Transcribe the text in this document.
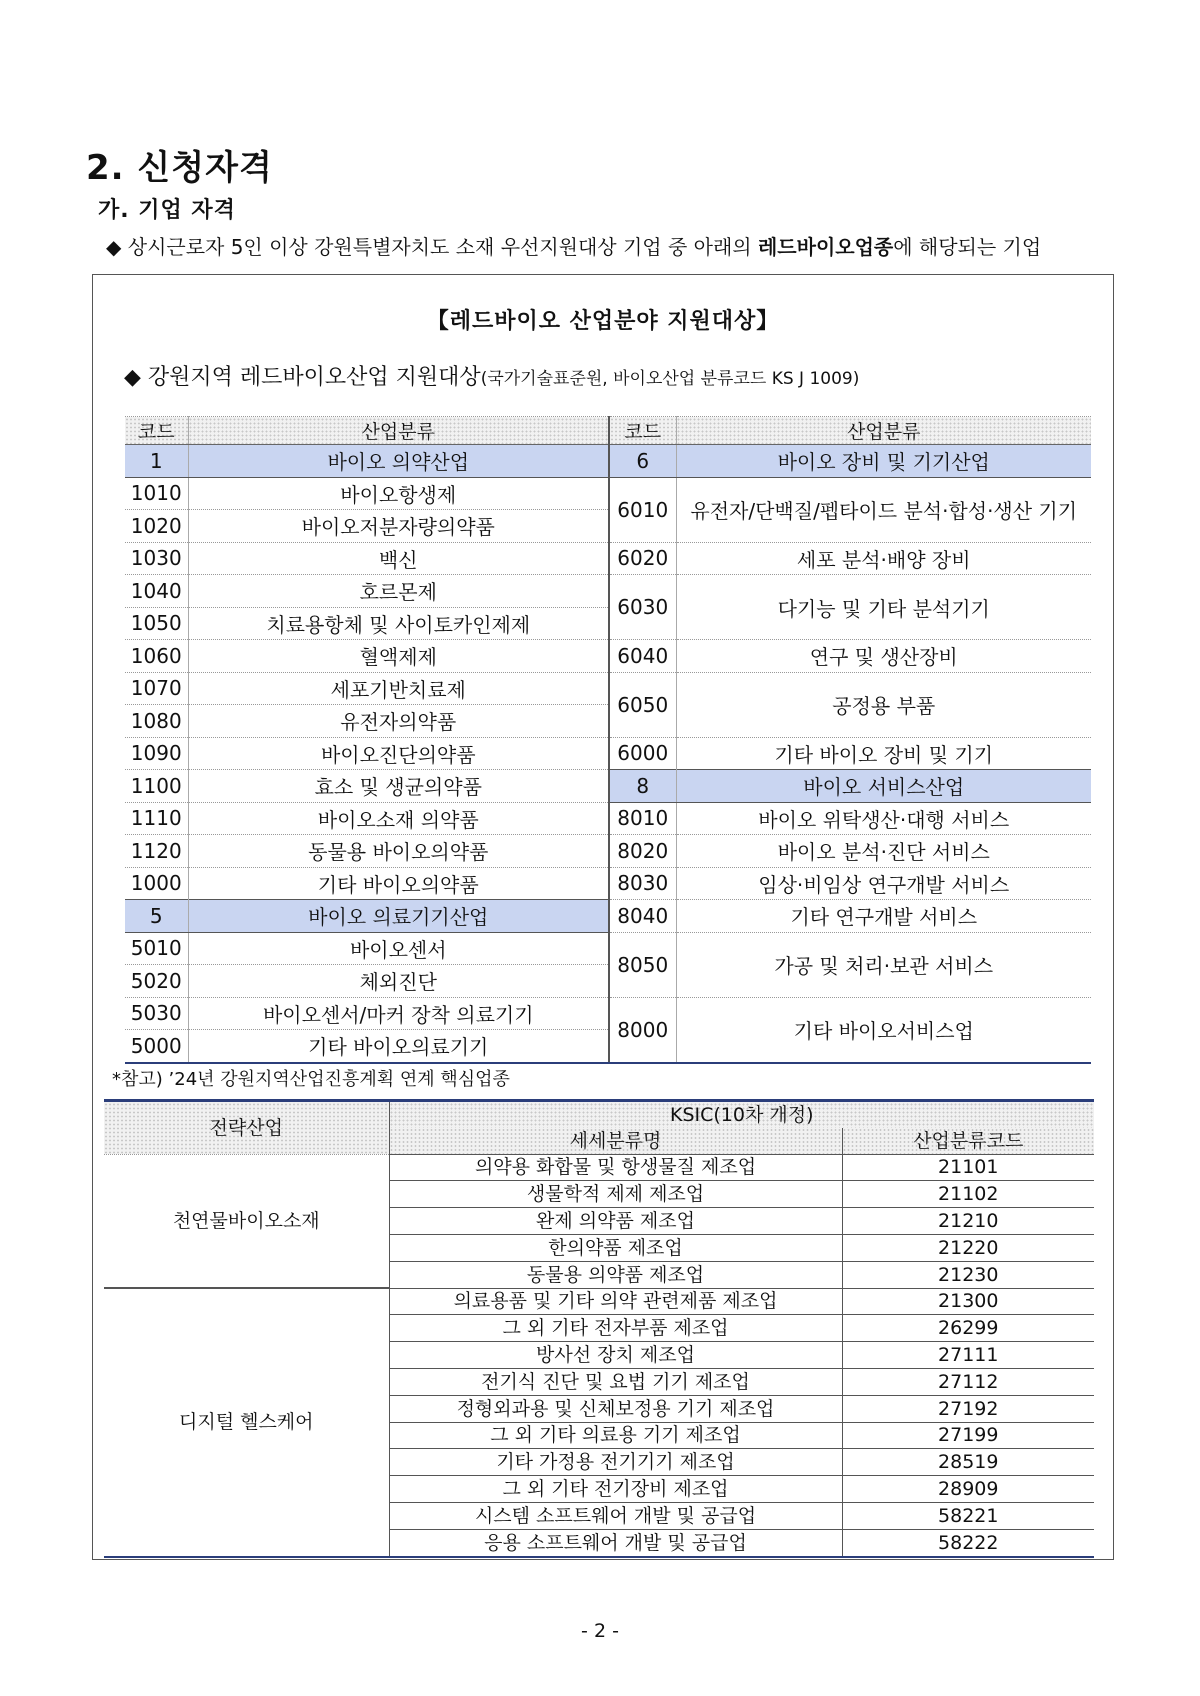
2. 신청자격
가. 기업 자격
◆ 상시근로자 5인 이상 강원특별자치도 소재 우선지원대상 기업 중 아래의 레드바이오업종에 해당되는 기업
【레드바이오 산업분야 지원대상】
◆ 강원지역 레드바이오산업 지원대상(국가기술표준원, 바이오산업 분류코드 KS J 1009)
코드	산업분류	코드	산업분류
1	바이오 의약산업	6	바이오 장비 및 기기산업
1010	바이오항생제	6010	유전자/단백질/펩타이드 분석·합성·생산 기기
1020	바이오저분자량의약품		
1030	백신	6020	세포 분석·배양 장비
1040	호르몬제	6030	다기능 및 기타 분석기기
1050	치료용항체 및 사이토카인제제		
1060	혈액제제	6040	연구 및 생산장비
1070	세포기반치료제	6050	공정용 부품
1080	유전자의약품		
1090	바이오진단의약품	6000	기타 바이오 장비 및 기기
1100	효소 및 생균의약품	8	바이오 서비스산업
1110	바이오소재 의약품	8010	바이오 위탁생산·대행 서비스
1120	동물용 바이오의약품	8020	바이오 분석·진단 서비스
1000	기타 바이오의약품	8030	임상·비임상 연구개발 서비스
5	바이오 의료기기산업	8040	기타 연구개발 서비스
5010	바이오센서	8050	가공 및 처리·보관 서비스
5020	체외진단		
5030	바이오센서/마커 장착 의료기기	8000	기타 바이오서비스업
5000	기타 바이오의료기기		
*참고) ’24년 강원지역산업진흥계획 연계 핵심업종
전략산업	KSIC(10차 개정)	
	세세분류명	산업분류코드
천연물바이오소재	의약용 화합물 및 항생물질 제조업	21101
	생물학적 제제 제조업	21102
	완제 의약품 제조업	21210
	한의약품 제조업	21220
	동물용 의약품 제조업	21230
디지털 헬스케어	의료용품 및 기타 의약 관련제품 제조업	21300
	그 외 기타 전자부품 제조업	26299
	방사선 장치 제조업	27111
	전기식 진단 및 요법 기기 제조업	27112
	정형외과용 및 신체보정용 기기 제조업	27192
	그 외 기타 의료용 기기 제조업	27199
	기타 가정용 전기기기 제조업	28519
	그 외 기타 전기장비 제조업	28909
	시스템 소프트웨어 개발 및 공급업	58221
	응용 소프트웨어 개발 및 공급업	58222
- 2 -
